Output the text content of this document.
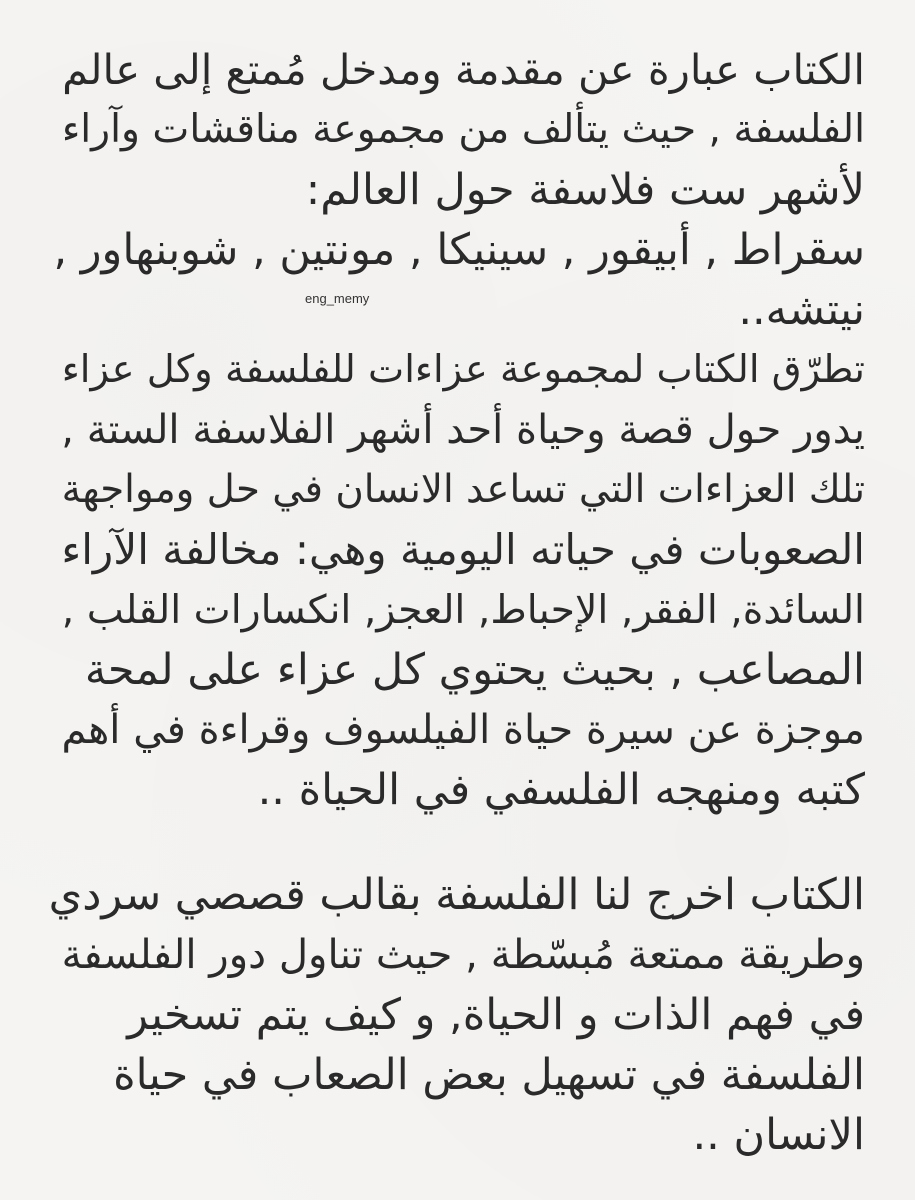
الكتاب عبارة عن مقدمة ومدخل مُمتع إلى عالم
الفلسفة , حيث يتألف من مجموعة مناقشات وآراء
لأشهر ست فلاسفة حول العالم:
سقراط , أبيقور , سينيكا , مونتين , شوبنهاور ,
نيتشه..
eng_memy
تطرّق الكتاب لمجموعة عزاءات للفلسفة وكل عزاء
يدور حول قصة وحياة أحد أشهر الفلاسفة الستة ,
تلك العزاءات التي تساعد الانسان في حل ومواجهة
الصعوبات في حياته اليومية وهي: مخالفة الآراء
السائدة, الفقر, الإحباط, العجز, انكسارات القلب ,
المصاعب , بحيث يحتوي كل عزاء على لمحة
موجزة عن سيرة حياة الفيلسوف وقراءة في أهم
كتبه ومنهجه الفلسفي في الحياة ..
الكتاب اخرج لنا الفلسفة بقالب قصصي سردي
وطريقة ممتعة مُبسّطة , حيث تناول دور الفلسفة
في فهم الذات و الحياة, و كيف يتم تسخير
الفلسفة في تسهيل بعض الصعاب في حياة
الانسان ..
